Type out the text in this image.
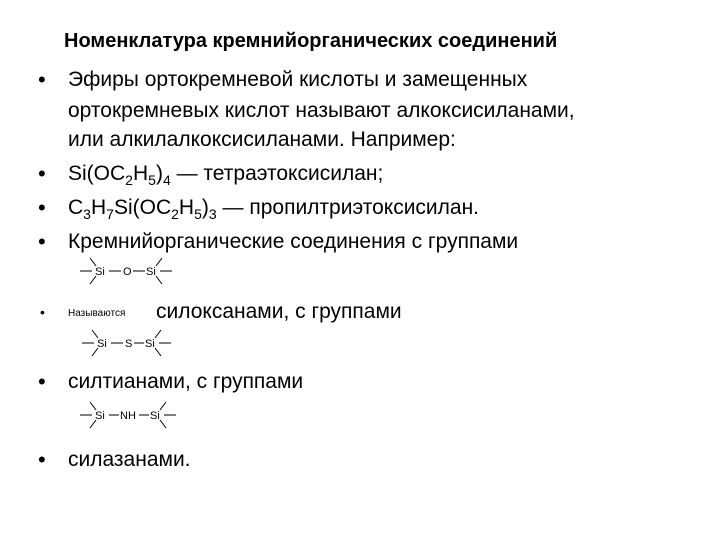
Номенклатура кремнийорганических соединений
• Эфиры ортокремневой кислоты и замещенных
ортокремневых кислот называют алкоксисиланами,
или алкилалкоксисиланами. Например:
• $Si(OC_2H_5)_4$ — тетраэтоксисилан;
• $C_3H_7Si(OC_2H_5)_3$ — пропилтриэтоксисилан.
• Кремнийорганические соединения с группами
Si O Si
• Называются силоксанами, с группами
Si S Si
• силтианами, с группами
Si NH Si
• силазанами.
